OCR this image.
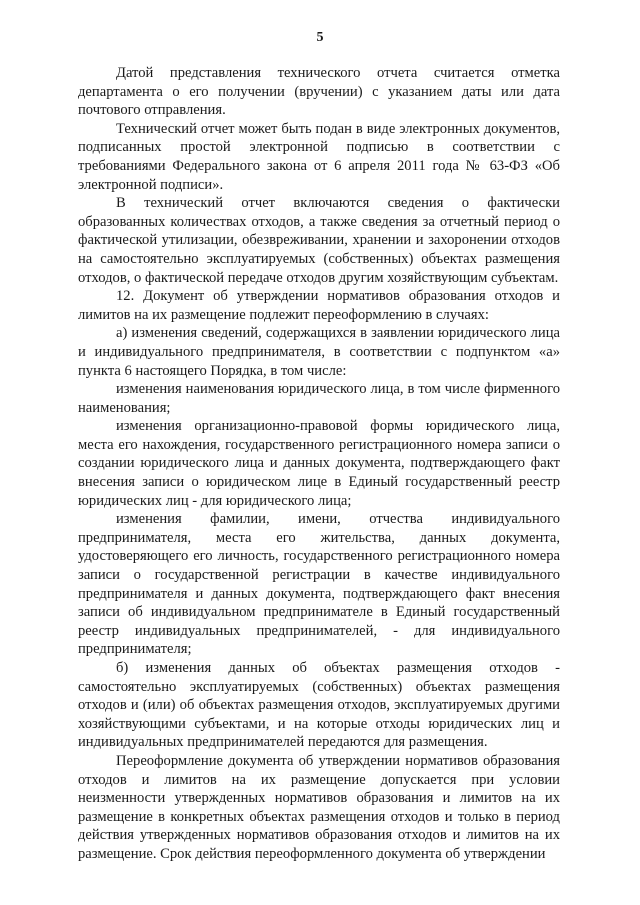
5

Датой представления технического отчета считается отметка департамента о его получении (вручении) с указанием даты или дата почтового отправления.

Технический отчет может быть подан в виде электронных документов, подписанных простой электронной подписью в соответствии с требованиями Федерального закона от 6 апреля 2011 года № 63-ФЗ «Об электронной подписи».

В технический отчет включаются сведения о фактически образованных количествах отходов, а также сведения за отчетный период о фактической утилизации, обезвреживании, хранении и захоронении отходов на самостоятельно эксплуатируемых (собственных) объектах размещения отходов, о фактической передаче отходов другим хозяйствующим субъектам.

12. Документ об утверждении нормативов образования отходов и лимитов на их размещение подлежит переоформлению в случаях:

а) изменения сведений, содержащихся в заявлении юридического лица и индивидуального предпринимателя, в соответствии с подпунктом «а» пункта 6 настоящего Порядка, в том числе:

изменения наименования юридического лица, в том числе фирменного наименования;

изменения организационно-правовой формы юридического лица, места его нахождения, государственного регистрационного номера записи о создании юридического лица и данных документа, подтверждающего факт внесения записи о юридическом лице в Единый государственный реестр юридических лиц - для юридического лица;

изменения фамилии, имени, отчества индивидуального предпринимателя, места его жительства, данных документа, удостоверяющего его личность, государственного регистрационного номера записи о государственной регистрации в качестве индивидуального предпринимателя и данных документа, подтверждающего факт внесения записи об индивидуальном предпринимателе в Единый государственный реестр индивидуальных предпринимателей, - для индивидуального предпринимателя;

б) изменения данных об объектах размещения отходов - самостоятельно эксплуатируемых (собственных) объектах размещения отходов и (или) об объектах размещения отходов, эксплуатируемых другими хозяйствующими субъектами, и на которые отходы юридических лиц и индивидуальных предпринимателей передаются для размещения.

Переоформление документа об утверждении нормативов образования отходов и лимитов на их размещение допускается при условии неизменности утвержденных нормативов образования и лимитов на их размещение в конкретных объектах размещения отходов и только в период действия утвержденных нормативов образования отходов и лимитов на их размещение. Срок действия переоформленного документа об утверждении
